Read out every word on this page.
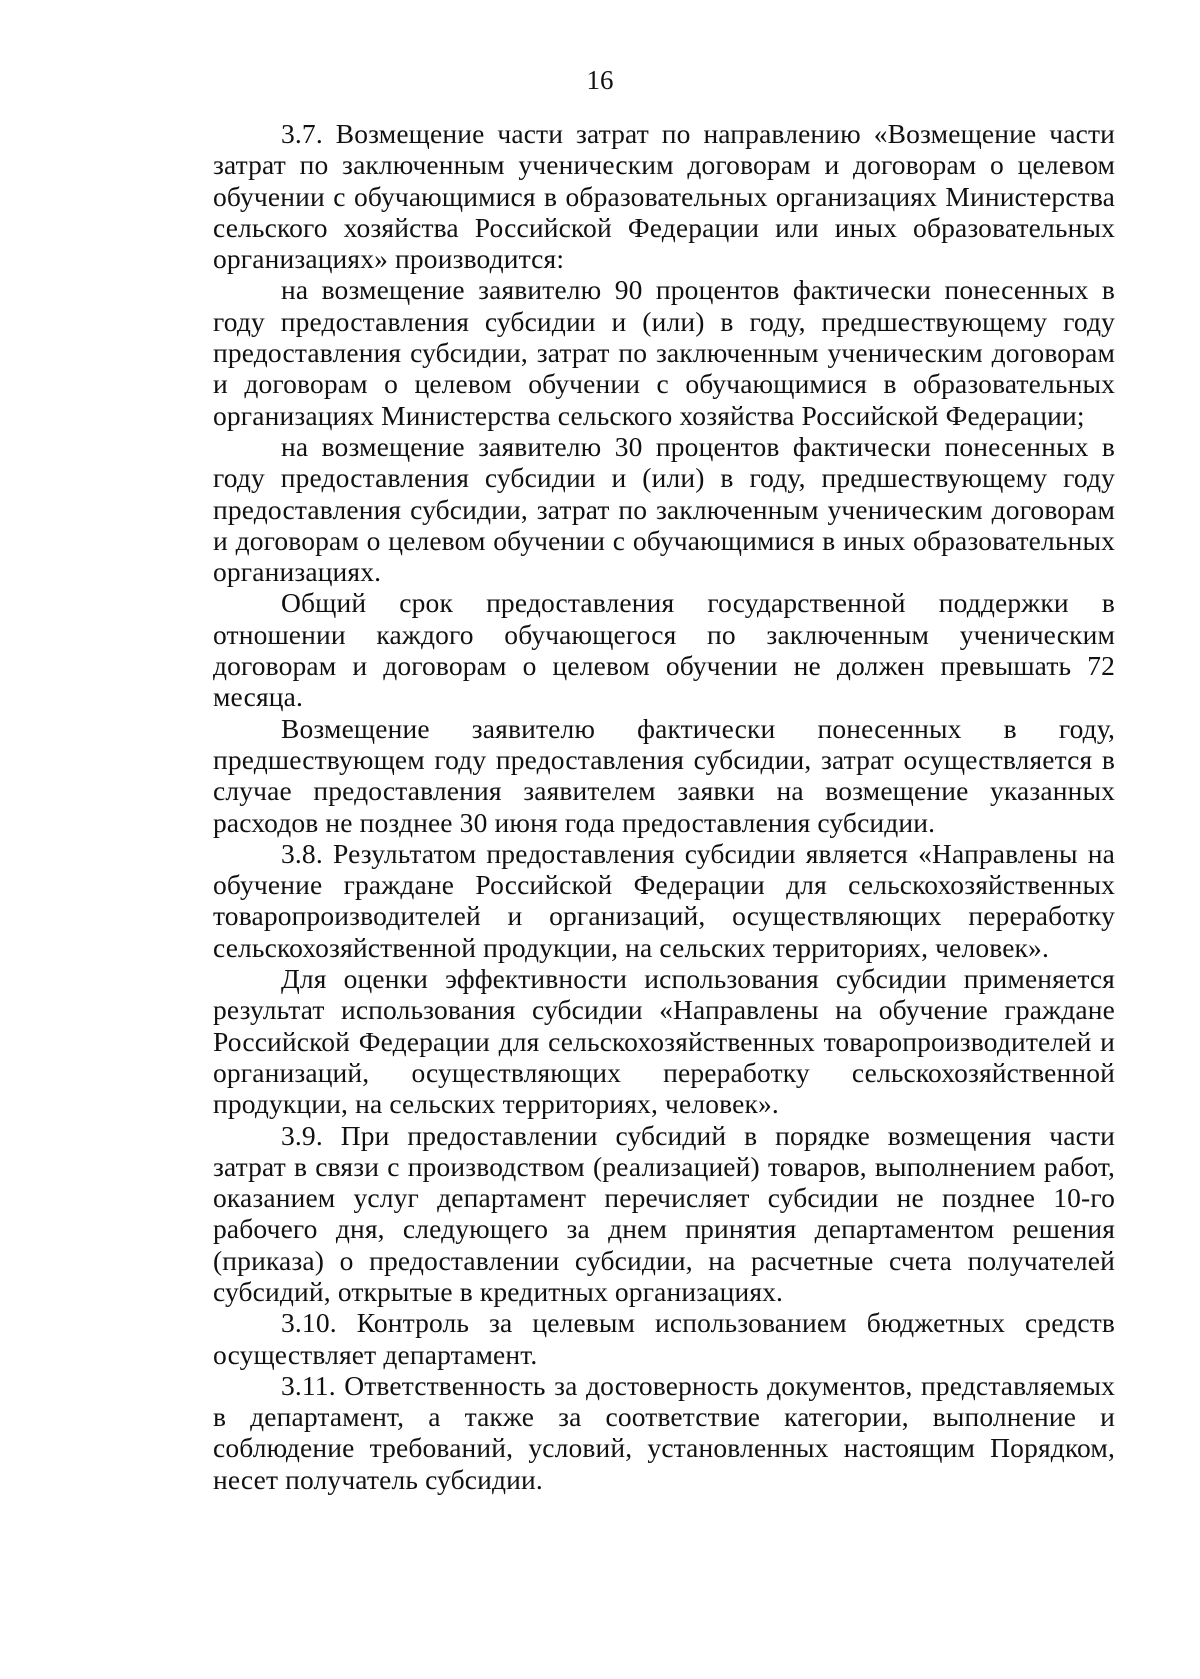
16

3.7. Возмещение части затрат по направлению «Возмещение части затрат по заключенным ученическим договорам и договорам о целевом обучении с обучающимися в образовательных организациях Министерства сельского хозяйства Российской Федерации или иных образовательных организациях» производится:

на возмещение заявителю 90 процентов фактически понесенных в году предоставления субсидии и (или) в году, предшествующему году предоставления субсидии, затрат по заключенным ученическим договорам и договорам о целевом обучении с обучающимися в образовательных организациях Министерства сельского хозяйства Российской Федерации;

на возмещение заявителю 30 процентов фактически понесенных в году предоставления субсидии и (или) в году, предшествующему году предоставления субсидии, затрат по заключенным ученическим договорам и договорам о целевом обучении с обучающимися в иных образовательных организациях.

Общий срок предоставления государственной поддержки в отношении каждого обучающегося по заключенным ученическим договорам и договорам о целевом обучении не должен превышать 72 месяца.

Возмещение заявителю фактически понесенных в году, предшествующем году предоставления субсидии, затрат осуществляется в случае предоставления заявителем заявки на возмещение указанных расходов не позднее 30 июня года предоставления субсидии.

3.8. Результатом предоставления субсидии является «Направлены на обучение граждане Российской Федерации для сельскохозяйственных товаропроизводителей и организаций, осуществляющих переработку сельскохозяйственной продукции, на сельских территориях, человек».

Для оценки эффективности использования субсидии применяется результат использования субсидии «Направлены на обучение граждане Российской Федерации для сельскохозяйственных товаропроизводителей и организаций, осуществляющих переработку сельскохозяйственной продукции, на сельских территориях, человек».

3.9. При предоставлении субсидий в порядке возмещения части затрат в связи с производством (реализацией) товаров, выполнением работ, оказанием услуг департамент перечисляет субсидии не позднее 10-го рабочего дня, следующего за днем принятия департаментом решения (приказа) о предоставлении субсидии, на расчетные счета получателей субсидий, открытые в кредитных организациях.

3.10. Контроль за целевым использованием бюджетных средств осуществляет департамент.

3.11. Ответственность за достоверность документов, представляемых в департамент, а также за соответствие категории, выполнение и соблюдение требований, условий, установленных настоящим Порядком, несет получатель субсидии.
